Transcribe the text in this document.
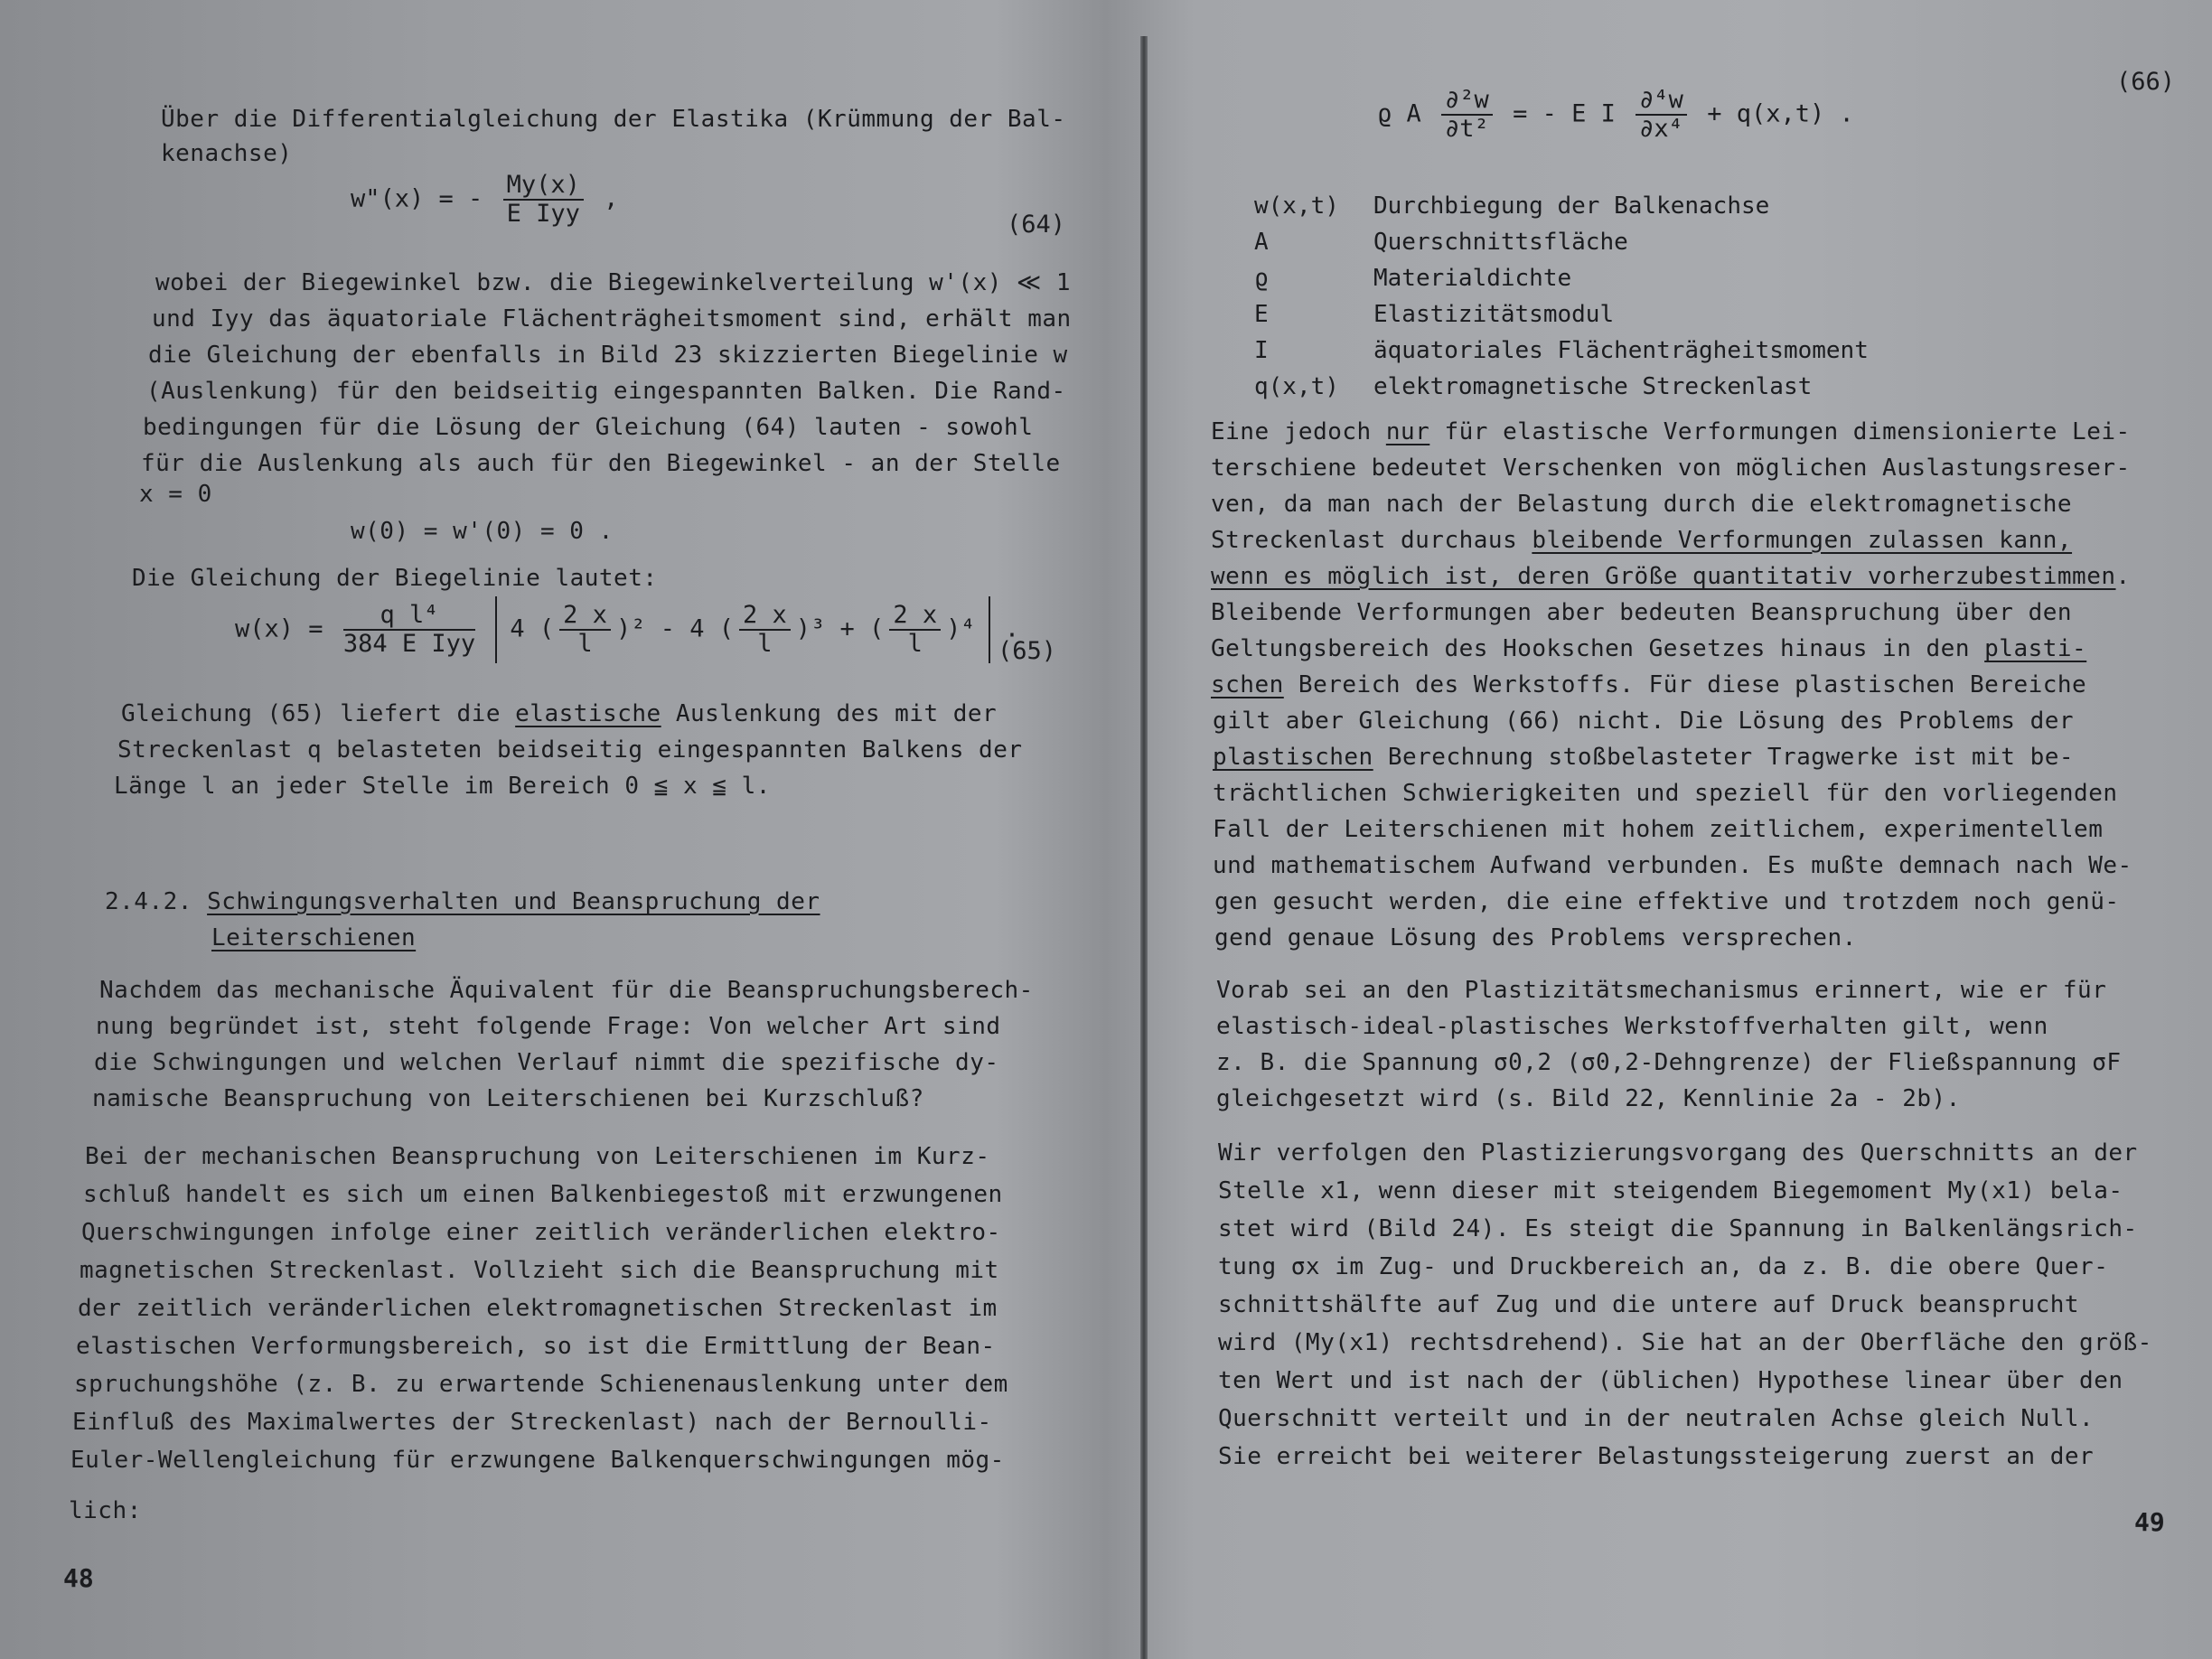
Über die Differentialgleichung der Elastika (Krümmung der Bal-
kenachse)
w"(x) = - $\frac{My(x)}{\text{E Iyy}}$ ,
(64)
wobei der Biegewinkel bzw. die Biegewinkelverteilung w'(x) ≪ 1
und Iyy das äquatoriale Flächenträgheitsmoment sind, erhält man
die Gleichung der ebenfalls in Bild 23 skizzierten Biegelinie w
(Auslenkung) für den beidseitig eingespannten Balken. Die Rand-
bedingungen für die Lösung der Gleichung (64) lauten - sowohl
für die Auslenkung als auch für den Biegewinkel - an der Stelle
x = 0
w(0) = w'(0) = 0 .
Die Gleichung der Biegelinie lautet:
$w(x) = \frac{\text{q l⁴}}{\text{384 E Iyy}} 4$ ( $\frac{2 x}{l} )^2 - 4$ ( $\frac{2 x}{l} )^3$ + ( $\frac{2 x}{l} )^4$ .
(65)
Gleichung (65) liefert die elastische Auslenkung des mit der
Streckenlast q belasteten beidseitig eingespannten Balkens der
Länge l an jeder Stelle im Bereich 0 ≦ x ≦ l.
2.4.2. Schwingungsverhalten und Beanspruchung der
Leiterschienen
Nachdem das mechanische Äquivalent für die Beanspruchungsberech-
nung begründet ist, steht folgende Frage: Von welcher Art sind
die Schwingungen und welchen Verlauf nimmt die spezifische dy-
namische Beanspruchung von Leiterschienen bei Kurzschluß?
Bei der mechanischen Beanspruchung von Leiterschienen im Kurz-
schluß handelt es sich um einen Balkenbiegestoß mit erzwungenen
Querschwingungen infolge einer zeitlich veränderlichen elektro-
magnetischen Streckenlast. Vollzieht sich die Beanspruchung mit
der zeitlich veränderlichen elektromagnetischen Streckenlast im
elastischen Verformungsbereich, so ist die Ermittlung der Bean-
spruchungshöhe (z. B. zu erwartende Schienenauslenkung unter dem
Einfluß des Maximalwertes der Streckenlast) nach der Bernoulli-
Euler-Wellengleichung für erzwungene Balkenquerschwingungen mög-
lich:
48
ϱ A $\frac{\text{∂²w}}{\text{∂t²}}$ = - E I $\frac{\text{∂⁴w}}{\text{∂x⁴}} + q(x,t)$ .
(66)
w(x,t) Durchbiegung der Balkenachse
A	Querschnittsfläche
ϱ	Materialdichte
E	Elastizitätsmodul
I	äquatoriales Flächenträgheitsmoment
q(x,t) elektromagnetische Streckenlast
Eine jedoch nur für elastische Verformungen dimensionierte Lei-
terschiene bedeutet Verschenken von möglichen Auslastungsreser-
ven, da man nach der Belastung durch die elektromagnetische
Streckenlast durchaus bleibende Verformungen zulassen kann,
wenn es möglich ist, deren Größe quantitativ vorherzubestimmen.
Bleibende Verformungen aber bedeuten Beanspruchung über den
Geltungsbereich des Hookschen Gesetzes hinaus in den plasti-
schen Bereich des Werkstoffs. Für diese plastischen Bereiche
gilt aber Gleichung (66) nicht. Die Lösung des Problems der
plastischen Berechnung stoßbelasteter Tragwerke ist mit be-
trächtlichen Schwierigkeiten und speziell für den vorliegenden
Fall der Leiterschienen mit hohem zeitlichem, experimentellem
und mathematischem Aufwand verbunden. Es mußte demnach nach We-
gen gesucht werden, die eine effektive und trotzdem noch genü-
gend genaue Lösung des Problems versprechen.
Vorab sei an den Plastizitätsmechanismus erinnert, wie er für
elastisch-ideal-plastisches Werkstoffverhalten gilt, wenn
z. B. die Spannung σ0,2 (σ0,2-Dehngrenze) der Fließspannung σF
gleichgesetzt wird (s. Bild 22, Kennlinie 2a - 2b).
Wir verfolgen den Plastizierungsvorgang des Querschnitts an der
Stelle x1, wenn dieser mit steigendem Biegemoment My(x1) bela-
stet wird (Bild 24). Es steigt die Spannung in Balkenlängsrich-
tung σx im Zug- und Druckbereich an, da z. B. die obere Quer-
schnittshälfte auf Zug und die untere auf Druck beansprucht
wird (My(x1) rechtsdrehend). Sie hat an der Oberfläche den größ-
ten Wert und ist nach der (üblichen) Hypothese linear über den
Querschnitt verteilt und in der neutralen Achse gleich Null.
Sie erreicht bei weiterer Belastungssteigerung zuerst an der
49
